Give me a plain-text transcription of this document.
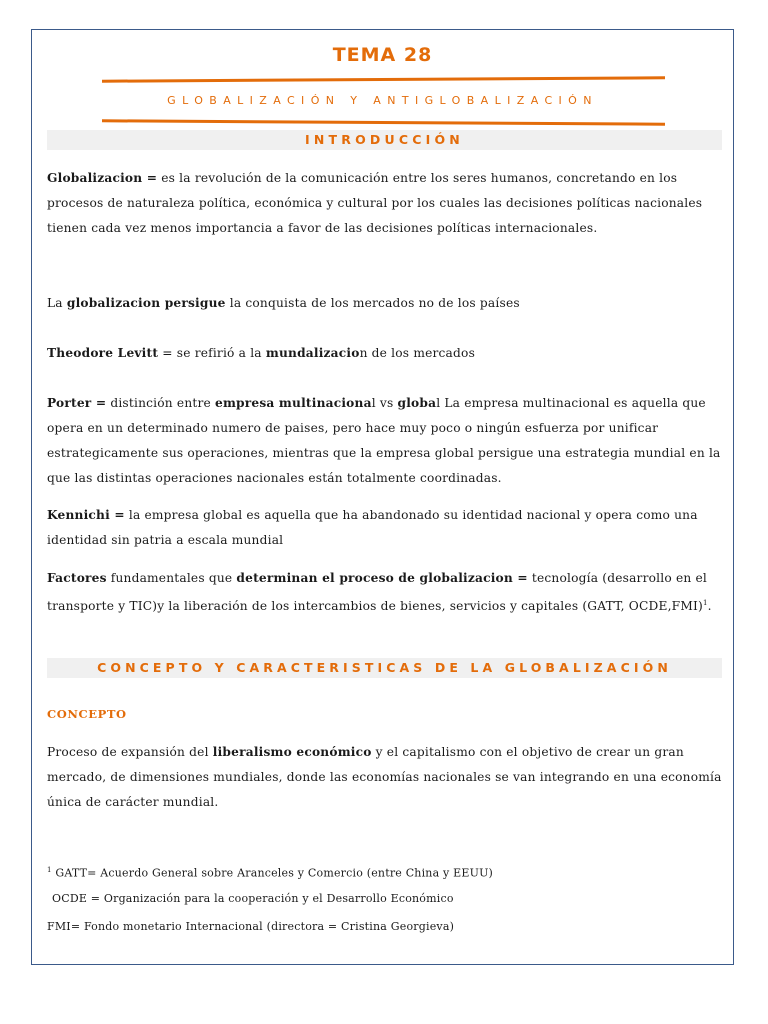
TEMA 28
GLOBALIZACIÓN Y ANTIGLOBALIZACIÓN
INTRODUCCIÓN

Globalizacion = es la revolución de la comunicación entre los seres humanos, concretando en los procesos de naturaleza política, económica y cultural por los cuales las decisiones políticas nacionales tienen cada vez menos importancia a favor de las decisiones políticas internacionales.

La globalizacion persigue la conquista de los mercados no de los países

Theodore Levitt = se refirió a la mundalizacion de los mercados

Porter = distinción entre empresa multinacional vs global La empresa multinacional es aquella que opera en un determinado numero de paises, pero hace muy poco o ningún esfuerza por unificar estrategicamente sus operaciones, mientras que la empresa global persigue una estrategia mundial en la que las distintas operaciones nacionales están totalmente coordinadas.

Kennichi = la empresa global es aquella que ha abandonado su identidad nacional y opera como una identidad sin patria a escala mundial

Factores fundamentales que determinan el proceso de globalizacion = tecnología (desarrollo en el transporte y TIC)y la liberación de los intercambios de bienes, servicios y capitales (GATT, OCDE,FMI)$^1$.

CONCEPTO Y CARACTERISTICAS DE LA GLOBALIZACIÓN
CONCEPTO

Proceso de expansión del liberalismo económico y el capitalismo con el objetivo de crear un gran mercado, de dimensiones mundiales, donde las economías nacionales se van integrando en una economía única de carácter mundial.

$^1$ GATT= Acuerdo General sobre Aranceles y Comercio (entre China y EEUU)
OCDE = Organización para la cooperación y el Desarrollo Económico
FMI= Fondo monetario Internacional (directora = Cristina Georgieva)
